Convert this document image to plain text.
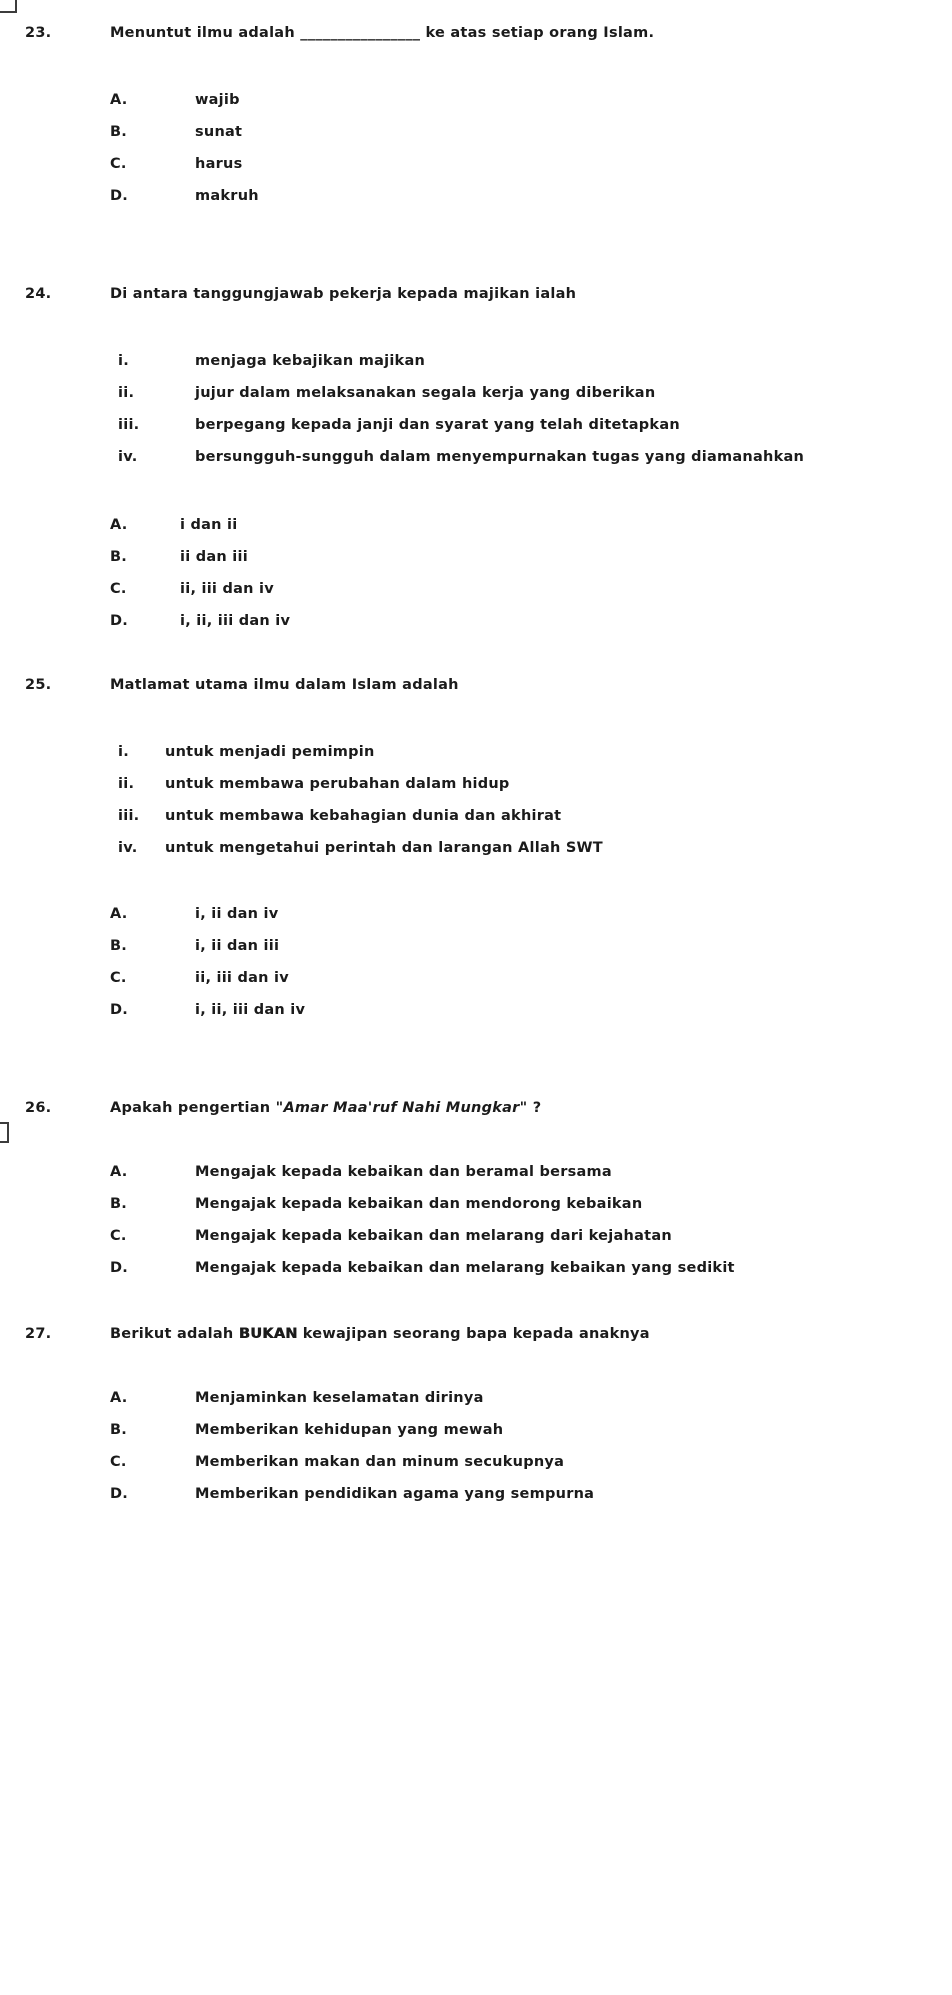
23.	Menuntut ilmu adalah ________________ ke atas setiap orang Islam.
A.	wajib
B.	sunat
C.	harus
D.	makruh
24.	Di antara tanggungjawab pekerja kepada majikan ialah
i.	menjaga kebajikan majikan
ii.	jujur dalam melaksanakan segala kerja yang diberikan
iii.	berpegang kepada janji dan syarat yang telah ditetapkan
iv.	bersungguh-sungguh dalam menyempurnakan tugas yang diamanahkan
A.	i dan ii
B.	ii dan iii
C.	ii, iii dan iv
D.	i, ii, iii dan iv
25.	Matlamat utama ilmu dalam Islam adalah
i.	untuk menjadi pemimpin
ii.	untuk membawa perubahan dalam hidup
iii.	untuk membawa kebahagian dunia dan akhirat
iv.	untuk mengetahui perintah dan larangan Allah SWT
A.	i, ii dan iv
B.	i, ii dan iii
C.	ii, iii dan iv
D.	i, ii, iii dan iv
26.	Apakah pengertian "Amar Maa'ruf Nahi Mungkar" ?
A.	Mengajak kepada kebaikan dan beramal bersama
B.	Mengajak kepada kebaikan dan mendorong kebaikan
C.	Mengajak kepada kebaikan dan melarang dari kejahatan
D.	Mengajak kepada kebaikan dan melarang kebaikan yang sedikit
27.	Berikut adalah BUKAN kewajipan seorang bapa kepada anaknya
A.	Menjaminkan keselamatan dirinya
B.	Memberikan kehidupan yang mewah
C.	Memberikan makan dan minum secukupnya
D.	Memberikan pendidikan agama yang sempurna
